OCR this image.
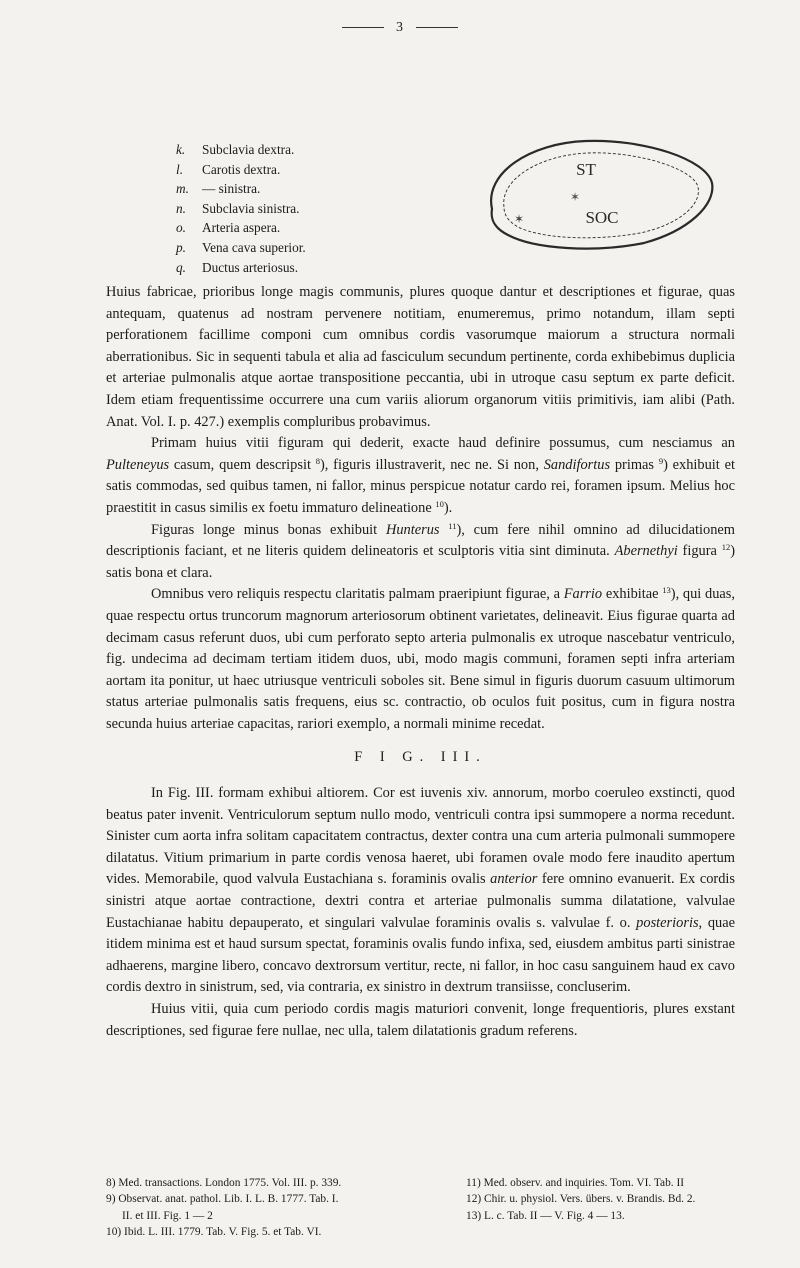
3
k. Subclavia dextra.
l. Carotis dextra.
m. — sinistra.
n. Subclavia sinistra.
o. Arteria aspera.
p. Vena cava superior.
q. Ductus arteriosus.
ST
SOC
✶
✶

Huius fabricae, prioribus longe magis communis, plures quoque dantur et descriptiones et figurae, quas antequam, quatenus ad nostram pervenere notitiam, enumeremus, primo notandum, illam septi perforationem facillime componi cum omnibus cordis vasorumque maiorum a structura normali aberrationibus. Sic in sequenti tabula et alia ad fasciculum secundum pertinente, corda exhibebimus duplicia et arteriae pulmonalis atque aortae transpositione peccantia, ubi in utroque casu septum ex parte deficit. Idem etiam frequentissime occurrere una cum variis aliorum organorum vitiis primitivis, iam alibi (Path. Anat. Vol. I. p. 427.) exemplis compluribus probavimus.

Primam huius vitii figuram qui dederit, exacte haud definire possumus, cum nesciamus an Pulteneyus casum, quem descripsit $^8$), figuris illustraverit, nec ne. Si non, Sandifortus primas $^9$) exhibuit et satis commodas, sed quibus tamen, ni fallor, minus perspicue notatur cardo rei, foramen ipsum. Melius hoc praestitit in casus similis ex foetu immaturo delineatione $^{10}$).

Figuras longe minus bonas exhibuit Hunterus $^{11}$), cum fere nihil omnino ad dilucidationem descriptionis faciant, et ne literis quidem delineatoris et sculptoris vitia sint diminuta. Abernethyi figura $^{12}$) satis bona et clara.

Omnibus vero reliquis respectu claritatis palmam praeripiunt figurae, a Farrio exhibitae $^{13}$), qui duas, quae respectu ortus truncorum magnorum arteriosorum obtinent varietates, delineavit. Eius figurae quarta ad decimam casus referunt duos, ubi cum perforato septo arteria pulmonalis ex utroque nascebatur ventriculo, fig. undecima ad decimam tertiam itidem duos, ubi, modo magis communi, foramen septi infra arteriam aortam ita ponitur, ut haec utriusque ventriculi soboles sit. Bene simul in figuris duorum casuum ultimorum status arteriae pulmonalis satis frequens, eius sc. contractio, ob oculos fuit positus, cum in figura nostra secunda huius arteriae capacitas, rariori exemplo, a normali minime recedat.

F I G. III.

In Fig. III. formam exhibui altiorem. Cor est iuvenis xiv. annorum, morbo coeruleo exstincti, quod beatus pater invenit. Ventriculorum septum nullo modo, ventriculi contra ipsi summopere a norma recedunt. Sinister cum aorta infra solitam capacitatem contractus, dexter contra una cum arteria pulmonali summopere dilatatus. Vitium primarium in parte cordis venosa haeret, ubi foramen ovale modo fere inaudito apertum vides. Memorabile, quod valvula Eustachiana s. foraminis ovalis anterior fere omnino evanuerit. Ex cordis sinistri atque aortae contractione, dextri contra et arteriae pulmonalis summa dilatatione, valvulae Eustachianae habitu depauperato, et singulari valvulae foraminis ovalis s. valvulae f. o. posterioris, quae itidem minima est et haud sursum spectat, foraminis ovalis fundo infixa, sed, eiusdem ambitus parti sinistrae adhaerens, margine libero, concavo dextrorsum vertitur, recte, ni fallor, in hoc casu sanguinem haud ex cavo cordis dextro in sinistrum, sed, via contraria, ex sinistro in dextrum transiisse, concluserim.

Huius vitii, quia cum periodo cordis magis maturiori convenit, longe frequentioris, plures exstant descriptiones, sed figurae fere nullae, nec ulla, talem dilatationis gradum referens.

8) Med. transactions. London 1775. Vol. III. p. 339.
9) Observat. anat. pathol. Lib. I. L. B. 1777. Tab. I.
II. et III. Fig. 1 — 2
10) Ibid. L. III. 1779. Tab. V. Fig. 5. et Tab. VI.
11) Med. observ. and inquiries. Tom. VI. Tab. II
12) Chir. u. physiol. Vers. übers. v. Brandis. Bd. 2.
13) L. c. Tab. II — V. Fig. 4 — 13.
